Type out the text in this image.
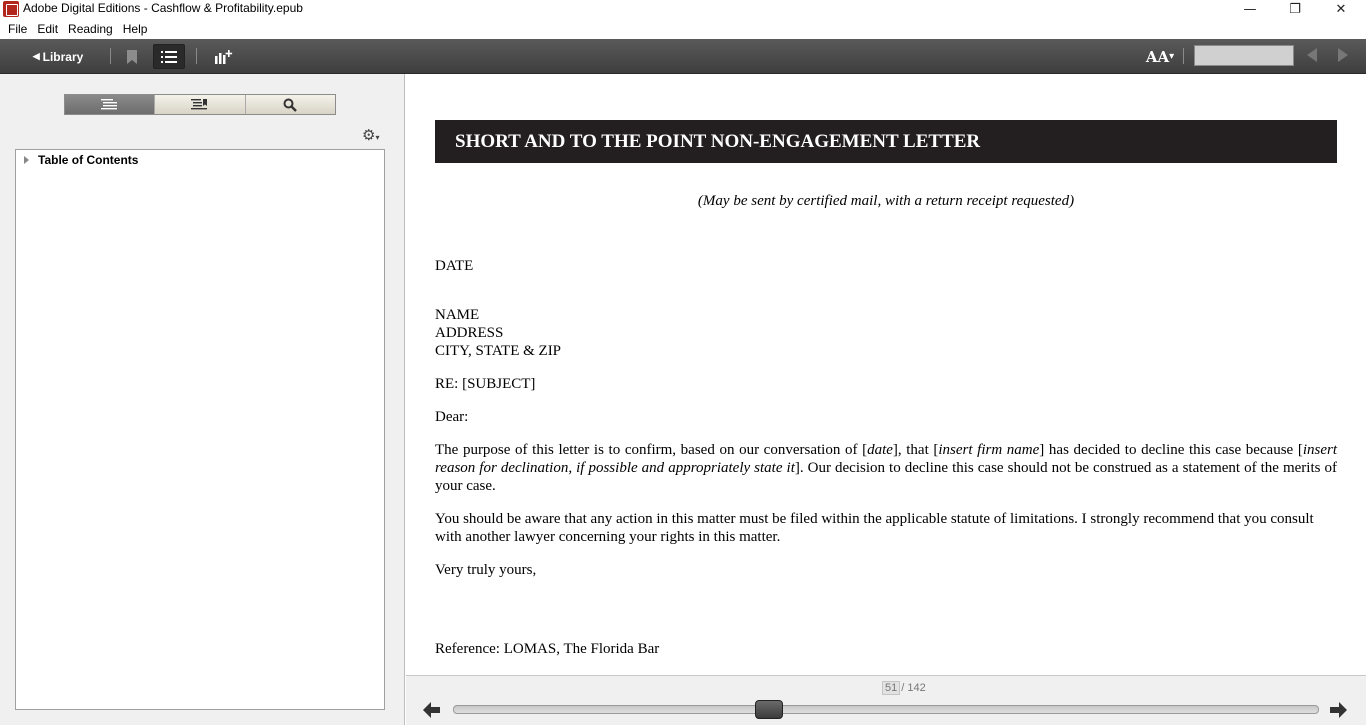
Adobe Digital Editions - Cashflow & Profitability.epub	—	❐	✕
File Edit Reading Help
◀ Library	AA ▾
⚙▾
Table of Contents
SHORT AND TO THE POINT NON-ENGAGEMENT LETTER
(May be sent by certified mail, with a return receipt requested)
DATE
NAME
ADDRESS
CITY, STATE & ZIP
RE: [SUBJECT]
Dear:
The purpose of this letter is to confirm, based on our conversation of [date], that [insert firm name] has decided to decline this case because [insert reason for declination, if possible and appropriately state it]. Our decision to decline this case should not be construed as a statement of the merits of your case.
You should be aware that any action in this matter must be filed within the applicable statute of limitations. I strongly recommend that you consult with another lawyer concerning your rights in this matter.
Very truly yours,
Reference: LOMAS, The Florida Bar
51 /
142
